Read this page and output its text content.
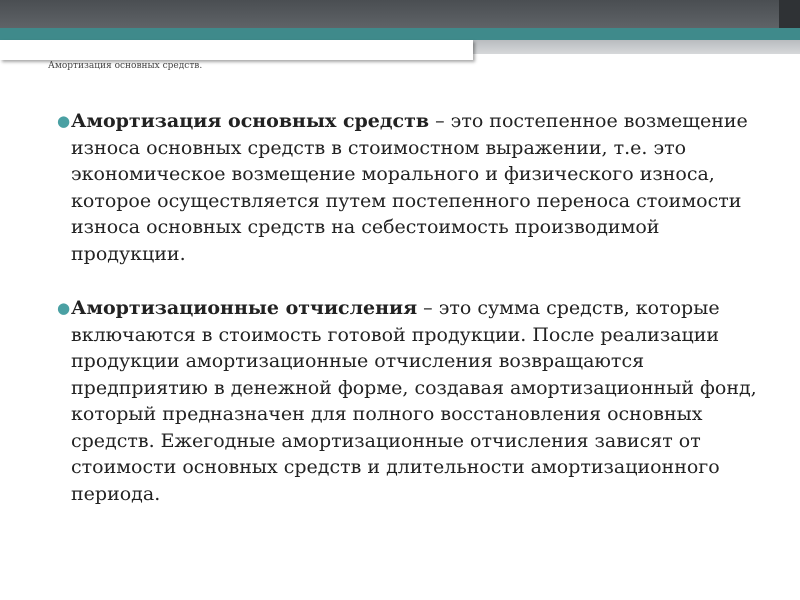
Амортизация основных средств.
● Амортизация основных средств – это постепенное возмещение износа основных средств в стоимостном выражении, т.е. это экономическое возмещение морального и физического износа, которое осуществляется путем постепенного переноса стоимости износа основных средств на себестоимость производимой продукции.
● Амортизационные отчисления – это сумма средств, которые включаются в стоимость готовой продукции. После реализации продукции амортизационные отчисления возвращаются предприятию в денежной форме, создавая амортизационный фонд, который предназначен для полного восстановления основных средств. Ежегодные амортизационные отчисления зависят от стоимости основных средств и длительности амортизационного периода.
